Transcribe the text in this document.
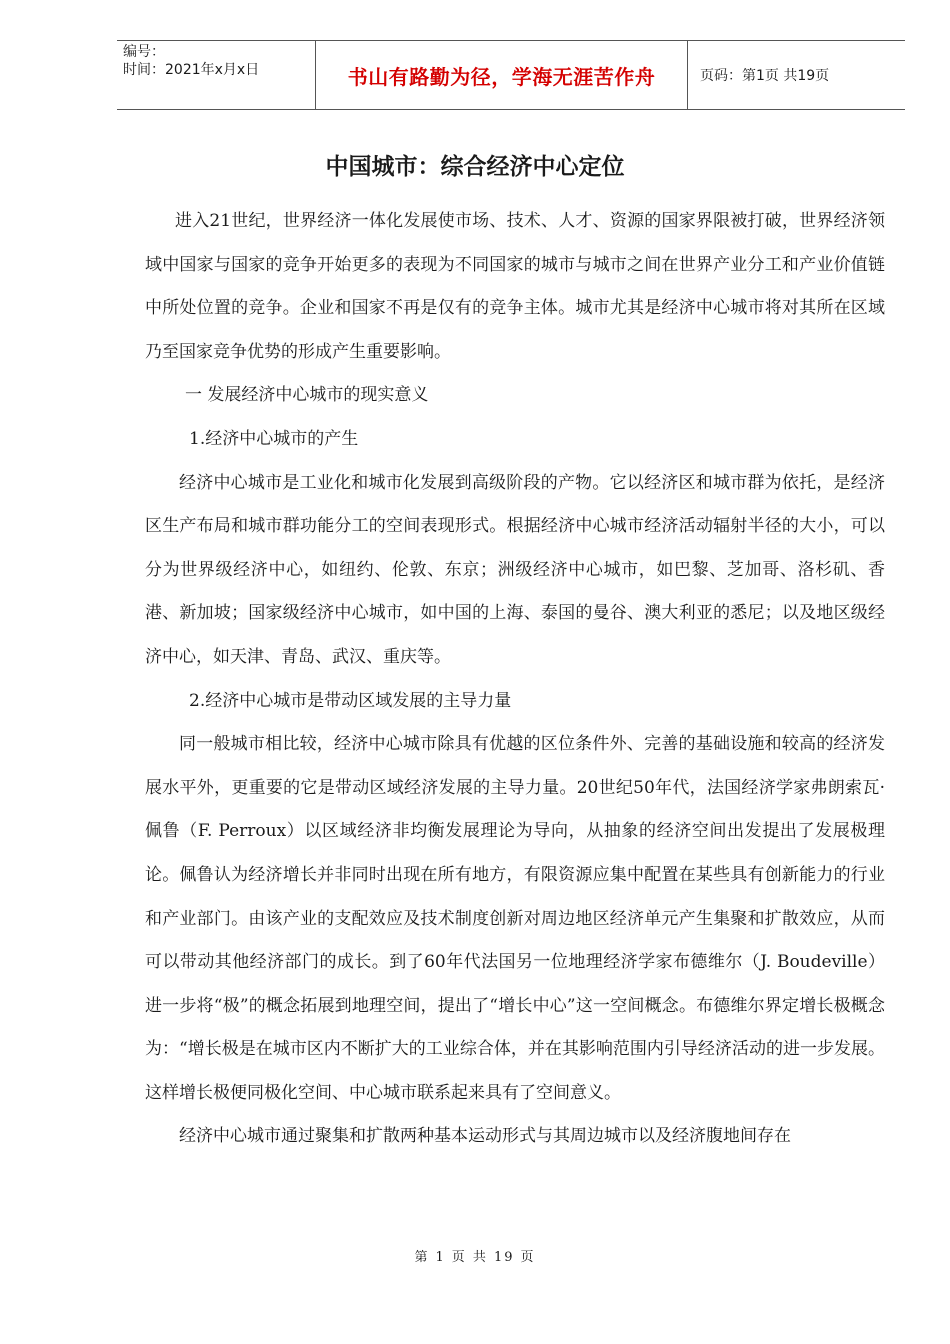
编号：
时间：2021年x月x日	书山有路勤为径，学海无涯苦作舟	页码：第1页 共19页
中国城市：综合经济中心定位

进入21世纪，世界经济一体化发展使市场、技术、人才、资源的国家界限被打破，世界经济领域中国家与国家的竞争开始更多的表现为不同国家的城市与城市之间在世界产业分工和产业价值链中所处位置的竞争。企业和国家不再是仅有的竞争主体。城市尤其是经济中心城市将对其所在区域乃至国家竞争优势的形成产生重要影响。

一 发展经济中心城市的现实意义

1.经济中心城市的产生

经济中心城市是工业化和城市化发展到高级阶段的产物。它以经济区和城市群为依托，是经济区生产布局和城市群功能分工的空间表现形式。根据经济中心城市经济活动辐射半径的大小，可以分为世界级经济中心，如纽约、伦敦、东京；洲级经济中心城市，如巴黎、芝加哥、洛杉矶、香港、新加坡；国家级经济中心城市，如中国的上海、泰国的曼谷、澳大利亚的悉尼；以及地区级经济中心，如天津、青岛、武汉、重庆等。

2.经济中心城市是带动区域发展的主导力量

同一般城市相比较，经济中心城市除具有优越的区位条件外、完善的基础设施和较高的经济发展水平外，更重要的它是带动区域经济发展的主导力量。20世纪50年代，法国经济学家弗朗索瓦·佩鲁（F. Perroux）以区域经济非均衡发展理论为导向，从抽象的经济空间出发提出了发展极理论。佩鲁认为经济增长并非同时出现在所有地方，有限资源应集中配置在某些具有创新能力的行业和产业部门。由该产业的支配效应及技术制度创新对周边地区经济单元产生集聚和扩散效应，从而可以带动其他经济部门的成长。到了60年代法国另一位地理经济学家布德维尔（J. Boudeville）进一步将“极”的概念拓展到地理空间，提出了“增长中心”这一空间概念。布德维尔界定增长极概念为：“增长极是在城市区内不断扩大的工业综合体，并在其影响范围内引导经济活动的进一步发展。这样增长极便同极化空间、中心城市联系起来具有了空间意义。

经济中心城市通过聚集和扩散两种基本运动形式与其周边城市以及经济腹地间存在

第 1 页 共 19 页
